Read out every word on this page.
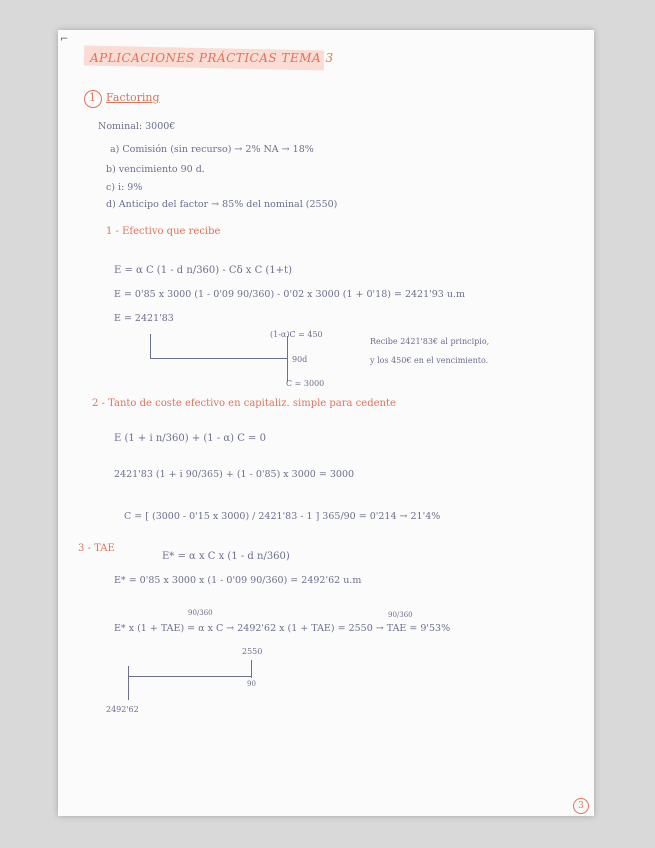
⌐
APLICACIONES PRÁCTICAS TEMA 3
1 Factoring
Nominal: 3000€
a) Comisión (sin recurso) → 2% NA → 18%
b) vencimiento 90 d.
c) i: 9%
d) Anticipo del factor → 85% del nominal (2550)
1 - Efectivo que recibe
E = α C (1 - d n/360) - Cδ x C (1+t)
E = 0'85 x 3000 (1 - 0'09 90/360) - 0'02 x 3000 (1 + 0'18) = 2421'93 u.m
E = 2421'83
(1-α)C = 450
90d
C = 3000
Recibe 2421'83€ al principio,
y los 450€ en el vencimiento.
2 - Tanto de coste efectivo en capitaliz. simple para cedente
E (1 + i n/360) + (1 - α) C = 0
2421'83 (1 + i 90/365) + (1 - 0'85) x 3000 = 3000
C = [ (3000 - 0'15 x 3000) / 2421'83 - 1 ] 365/90 = 0'214 → 21'4%
3 - TAE
E* = α x C x (1 - d n/360)
E* = 0'85 x 3000 x (1 - 0'09 90/360) = 2492'62 u.m
90/360	90/360
E* x (1 + TAE) = α x C → 2492'62 x (1 + TAE) = 2550 → TAE = 9'53%
2550
90
2492'62
3
